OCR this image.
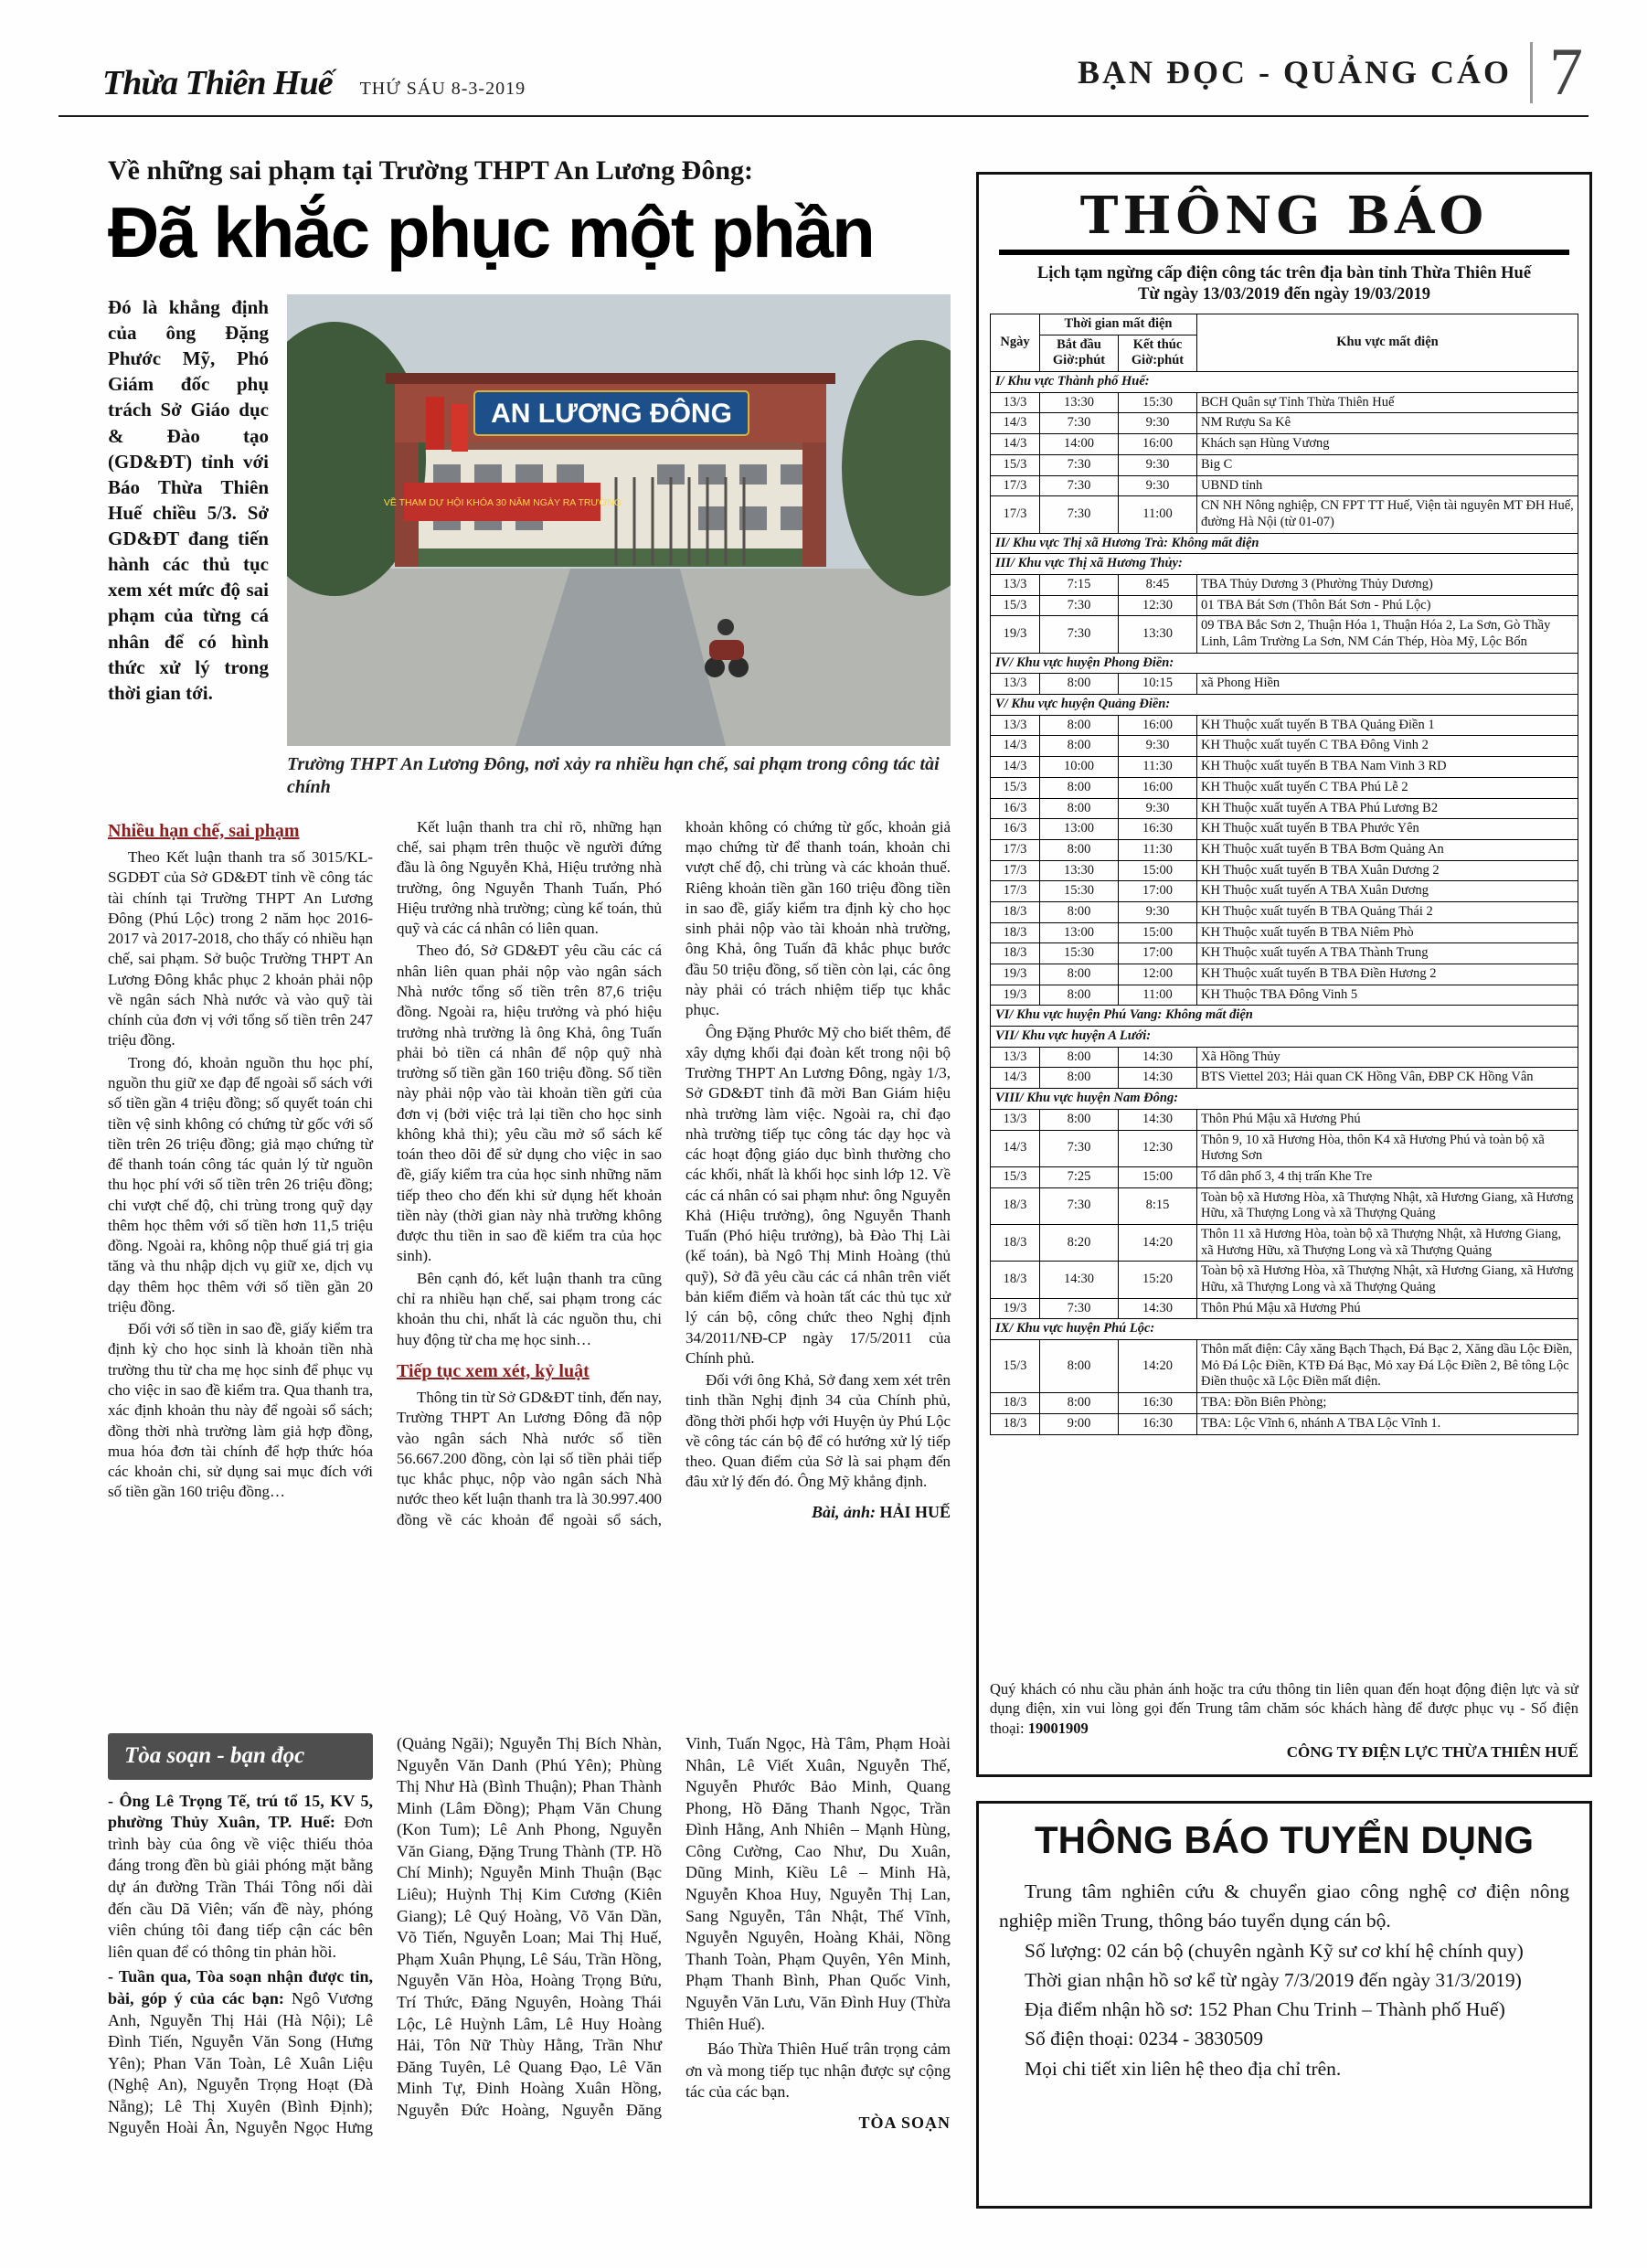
Thừa Thiên Huế THỨ SÁU 8-3-2019	BẠN ĐỌC - QUẢNG CÁO 7
Về những sai phạm tại Trường THPT An Lương Đông:
Đã khắc phục một phần
Đó là khẳng định của ông Đặng Phước Mỹ, Phó Giám đốc phụ trách Sở Giáo dục & Đào tạo (GD&ĐT) tỉnh với Báo Thừa Thiên Huế chiều 5/3. Sở GD&ĐT đang tiến hành các thủ tục xem xét mức độ sai phạm của từng cá nhân để có hình thức xử lý trong thời gian tới.
AN LƯƠNG ĐÔNG
VỀ THAM DỰ HỘI KHÓA 30 NĂM NGÀY RA TRƯỜNG
Trường THPT An Lương Đông, nơi xảy ra nhiều hạn chế, sai phạm trong công tác tài chính
Nhiều hạn chế, sai phạm

Theo Kết luận thanh tra số 3015/KL-SGDĐT của Sở GD&ĐT tỉnh về công tác tài chính tại Trường THPT An Lương Đông (Phú Lộc) trong 2 năm học 2016-2017 và 2017-2018, cho thấy có nhiều hạn chế, sai phạm. Sở buộc Trường THPT An Lương Đông khắc phục 2 khoản phải nộp về ngân sách Nhà nước và vào quỹ tài chính của đơn vị với tổng số tiền trên 247 triệu đồng.

Trong đó, khoản nguồn thu học phí, nguồn thu giữ xe đạp để ngoài sổ sách với số tiền gần 4 triệu đồng; số quyết toán chi tiền vệ sinh không có chứng từ gốc với số tiền trên 26 triệu đồng; giả mạo chứng từ để thanh toán công tác quản lý từ nguồn thu học phí với số tiền trên 26 triệu đồng; chi vượt chế độ, chi trùng trong quỹ dạy thêm học thêm với số tiền hơn 11,5 triệu đồng. Ngoài ra, không nộp thuế giá trị gia tăng và thu nhập dịch vụ giữ xe, dịch vụ dạy thêm học thêm với số tiền gần 20 triệu đồng.

Đối với số tiền in sao đề, giấy kiểm tra định kỳ cho học sinh là khoản tiền nhà trường thu từ cha mẹ học sinh để phục vụ cho việc in sao đề kiểm tra. Qua thanh tra, xác định khoản thu này để ngoài sổ sách; đồng thời nhà trường làm giả hợp đồng, mua hóa đơn tài chính để hợp thức hóa các khoản chi, sử dụng sai mục đích với số tiền gần 160 triệu đồng…

Kết luận thanh tra chỉ rõ, những hạn chế, sai phạm trên thuộc về người đứng đầu là ông Nguyễn Khả, Hiệu trưởng nhà trường, ông Nguyễn Thanh Tuấn, Phó Hiệu trưởng nhà trường; cùng kế toán, thủ quỹ và các cá nhân có liên quan.

Theo đó, Sở GD&ĐT yêu cầu các cá nhân liên quan phải nộp vào ngân sách Nhà nước tổng số tiền trên 87,6 triệu đồng. Ngoài ra, hiệu trưởng và phó hiệu trưởng nhà trường là ông Khả, ông Tuấn phải bỏ tiền cá nhân để nộp quỹ nhà trường số tiền gần 160 triệu đồng. Số tiền này phải nộp vào tài khoản tiền gửi của đơn vị (bởi việc trả lại tiền cho học sinh không khả thi); yêu cầu mở sổ sách kế toán theo dõi để sử dụng cho việc in sao đề, giấy kiểm tra của học sinh những năm tiếp theo cho đến khi sử dụng hết khoản tiền này (thời gian này nhà trường không được thu tiền in sao đề kiểm tra của học sinh).

Bên cạnh đó, kết luận thanh tra cũng chỉ ra nhiều hạn chế, sai phạm trong các khoản thu chi, nhất là các nguồn thu, chi huy động từ cha mẹ học sinh…

Tiếp tục xem xét, kỷ luật

Thông tin từ Sở GD&ĐT tỉnh, đến nay, Trường THPT An Lương Đông đã nộp vào ngân sách Nhà nước số tiền 56.667.200 đồng, còn lại số tiền phải tiếp tục khắc phục, nộp vào ngân sách Nhà nước theo kết luận thanh tra là 30.997.400 đồng về các khoản để ngoài sổ sách, khoản không có chứng từ gốc, khoản giả mạo chứng từ để thanh toán, khoản chi vượt chế độ, chi trùng và các khoản thuế. Riêng khoản tiền gần 160 triệu đồng tiền in sao đề, giấy kiểm tra định kỳ cho học sinh phải nộp vào tài khoản nhà trường, ông Khả, ông Tuấn đã khắc phục bước đầu 50 triệu đồng, số tiền còn lại, các ông này phải có trách nhiệm tiếp tục khắc phục.

Ông Đặng Phước Mỹ cho biết thêm, để xây dựng khối đại đoàn kết trong nội bộ Trường THPT An Lương Đông, ngày 1/3, Sở GD&ĐT tỉnh đã mời Ban Giám hiệu nhà trường làm việc. Ngoài ra, chỉ đạo nhà trường tiếp tục công tác dạy học và các hoạt động giáo dục bình thường cho các khối, nhất là khối học sinh lớp 12. Về các cá nhân có sai phạm như: ông Nguyễn Khả (Hiệu trưởng), ông Nguyễn Thanh Tuấn (Phó hiệu trưởng), bà Đào Thị Lài (kế toán), bà Ngô Thị Minh Hoàng (thủ quỹ), Sở đã yêu cầu các cá nhân trên viết bản kiểm điểm và hoàn tất các thủ tục xử lý cán bộ, công chức theo Nghị định 34/2011/NĐ-CP ngày 17/5/2011 của Chính phủ.

Đối với ông Khả, Sở đang xem xét trên tinh thần Nghị định 34 của Chính phủ, đồng thời phối hợp với Huyện ủy Phú Lộc về công tác cán bộ để có hướng xử lý tiếp theo. Quan điểm của Sở là sai phạm đến đâu xử lý đến đó. Ông Mỹ khẳng định.

Bài, ảnh: HẢI HUẾ
Tòa soạn - bạn đọc

- Ông Lê Trọng Tế, trú tổ 15, KV 5, phường Thủy Xuân, TP. Huế: Đơn trình bày của ông về việc thiếu thỏa đáng trong đền bù giải phóng mặt bằng dự án đường Trần Thái Tông nối dài đến cầu Dã Viên; vấn đề này, phóng viên chúng tôi đang tiếp cận các bên liên quan để có thông tin phản hồi.

- Tuần qua, Tòa soạn nhận được tin, bài, góp ý của các bạn: Ngô Vương Anh, Nguyễn Thị Hải (Hà Nội); Lê Đình Tiến, Nguyễn Văn Song (Hưng Yên); Phan Văn Toàn, Lê Xuân Liệu (Nghệ An), Nguyễn Trọng Hoạt (Đà Nẵng); Lê Thị Xuyên (Bình Định); Nguyễn Hoài Ân, Nguyễn Ngọc Hưng (Quảng Ngãi); Nguyễn Thị Bích Nhàn, Nguyễn Văn Danh (Phú Yên); Phùng Thị Như Hà (Bình Thuận); Phan Thành Minh (Lâm Đồng); Phạm Văn Chung (Kon Tum); Lê Anh Phong, Nguyễn Văn Giang, Đặng Trung Thành (TP. Hồ Chí Minh); Nguyễn Minh Thuận (Bạc Liêu); Huỳnh Thị Kim Cương (Kiên Giang); Lê Quý Hoàng, Võ Văn Dần, Võ Tiến, Nguyễn Loan; Mai Thị Huế, Phạm Xuân Phụng, Lê Sáu, Trần Hồng, Nguyễn Văn Hòa, Hoàng Trọng Bửu, Trí Thức, Đăng Nguyên, Hoàng Thái Lộc, Lê Huỳnh Lâm, Lê Huy Hoàng Hải, Tôn Nữ Thùy Hằng, Trần Như Đăng Tuyên, Lê Quang Đạo, Lê Văn Minh Tự, Đinh Hoàng Xuân Hồng, Nguyễn Đức Hoàng, Nguyễn Đăng Vinh, Tuấn Ngọc, Hà Tâm, Phạm Hoài Nhân, Lê Viết Xuân, Nguyễn Thế, Nguyễn Phước Bảo Minh, Quang Phong, Hồ Đăng Thanh Ngọc, Trần Đình Hằng, Anh Nhiên – Mạnh Hùng, Công Cường, Cao Như, Du Xuân, Dũng Minh, Kiều Lê – Minh Hà, Nguyễn Khoa Huy, Nguyễn Thị Lan, Sang Nguyễn, Tân Nhật, Thế Vĩnh, Nguyễn Nguyên, Hoàng Khải, Nồng Thanh Toàn, Phạm Quyên, Yên Minh, Phạm Thanh Bình, Phan Quốc Vinh, Nguyễn Văn Lưu, Văn Đình Huy (Thừa Thiên Huế).

Báo Thừa Thiên Huế trân trọng cảm ơn và mong tiếp tục nhận được sự cộng tác của các bạn.

TÒA SOẠN
THÔNG BÁO
Lịch tạm ngừng cấp điện công tác trên địa bàn tỉnh Thừa Thiên Huế
Từ ngày 13/03/2019 đến ngày 19/03/2019
Ngày	Thời gian mất điện		Khu vực mất điện

	Bắt đầu
Giờ:phút	Kết thúc
Giờ:phút	

I/ Khu vực Thành phố Huế:			
13/3	13:30	15:30	BCH Quân sự Tỉnh Thừa Thiên Huế
14/3	7:30	9:30	NM Rượu Sa Kê
14/3	14:00	16:00	Khách sạn Hùng Vương
15/3	7:30	9:30	Big C
17/3	7:30	9:30	UBND tỉnh
17/3	7:30	11:00	CN NH Nông nghiệp, CN FPT TT Huế, Viện tài nguyên MT ĐH Huế, đường Hà Nội (từ 01-07)
II/ Khu vực Thị xã Hương Trà: Không mất điện			
III/ Khu vực Thị xã Hương Thủy:			
13/3	7:15	8:45	TBA Thủy Dương 3 (Phường Thủy Dương)
15/3	7:30	12:30	01 TBA Bát Sơn (Thôn Bát Sơn - Phú Lộc)
19/3	7:30	13:30	09 TBA Bắc Sơn 2, Thuận Hóa 1, Thuận Hóa 2, La Sơn, Gò Thầy Linh, Lâm Trường La Sơn, NM Cán Thép, Hòa Mỹ, Lộc Bổn
IV/ Khu vực huyện Phong Điền:			
13/3	8:00	10:15	xã Phong Hiền
V/ Khu vực huyện Quảng Điền:			
13/3	8:00	16:00	KH Thuộc xuất tuyến B TBA Quảng Điền 1
14/3	8:00	9:30	KH Thuộc xuất tuyến C TBA Đông Vinh 2
14/3	10:00	11:30	KH Thuộc xuất tuyến B TBA Nam Vinh 3 RD
15/3	8:00	16:00	KH Thuộc xuất tuyến C TBA Phú Lễ 2
16/3	8:00	9:30	KH Thuộc xuất tuyến A TBA Phú Lương B2
16/3	13:00	16:30	KH Thuộc xuất tuyến B TBA Phước Yên
17/3	8:00	11:30	KH Thuộc xuất tuyến B TBA Bơm Quảng An
17/3	13:30	15:00	KH Thuộc xuất tuyến B TBA Xuân Dương 2
17/3	15:30	17:00	KH Thuộc xuất tuyến A TBA Xuân Dương
18/3	8:00	9:30	KH Thuộc xuất tuyến B TBA Quảng Thái 2
18/3	13:00	15:00	KH Thuộc xuất tuyến B TBA Niêm Phò
18/3	15:30	17:00	KH Thuộc xuất tuyến A TBA Thành Trung
19/3	8:00	12:00	KH Thuộc xuất tuyến B TBA Điền Hương 2
19/3	8:00	11:00	KH Thuộc TBA Đông Vinh 5
VI/ Khu vực huyện Phú Vang: Không mất điện			
VII/ Khu vực huyện A Lưới:			
13/3	8:00	14:30	Xã Hồng Thủy
14/3	8:00	14:30	BTS Viettel 203; Hải quan CK Hồng Vân, ĐBP CK Hồng Vân
VIII/ Khu vực huyện Nam Đông:			
13/3	8:00	14:30	Thôn Phú Mậu xã Hương Phú
14/3	7:30	12:30	Thôn 9, 10 xã Hương Hòa, thôn K4 xã Hương Phú và toàn bộ xã Hương Sơn
15/3	7:25	15:00	Tổ dân phố 3, 4 thị trấn Khe Tre
18/3	7:30	8:15	Toàn bộ xã Hương Hòa, xã Thượng Nhật, xã Hương Giang, xã Hương Hữu, xã Thượng Long và xã Thượng Quảng
18/3	8:20	14:20	Thôn 11 xã Hương Hòa, toàn bộ xã Thượng Nhật, xã Hương Giang, xã Hương Hữu, xã Thượng Long và xã Thượng Quảng
18/3	14:30	15:20	Toàn bộ xã Hương Hòa, xã Thượng Nhật, xã Hương Giang, xã Hương Hữu, xã Thượng Long và xã Thượng Quảng
19/3	7:30	14:30	Thôn Phú Mậu xã Hương Phú
IX/ Khu vực huyện Phú Lộc:			
15/3	8:00	14:20	Thôn mất điện: Cây xăng Bạch Thạch, Đá Bạc 2, Xăng dầu Lộc Điền, Mỏ Đá Lộc Điền, KTĐ Đá Bạc, Mỏ xay Đá Lộc Điền 2, Bê tông Lộc Điền thuộc xã Lộc Điền mất điện.
18/3	8:00	16:30	TBA: Đồn Biên Phòng;
18/3	9:00	16:30	TBA: Lộc Vĩnh 6, nhánh A TBA Lộc Vĩnh 1.

Quý khách có nhu cầu phản ánh hoặc tra cứu thông tin liên quan đến hoạt động điện lực và sử dụng điện, xin vui lòng gọi đến Trung tâm chăm sóc khách hàng để được phục vụ - Số điện thoại: 19001909

CÔNG TY ĐIỆN LỰC THỪA THIÊN HUẾ
THÔNG BÁO TUYỂN DỤNG

Trung tâm nghiên cứu & chuyển giao công nghệ cơ điện nông nghiệp miền Trung, thông báo tuyển dụng cán bộ.

Số lượng: 02 cán bộ (chuyên ngành Kỹ sư cơ khí hệ chính quy)

Thời gian nhận hồ sơ kể từ ngày 7/3/2019 đến ngày 31/3/2019)

Địa điểm nhận hồ sơ: 152 Phan Chu Trinh – Thành phố Huế)

Số điện thoại: 0234 - 3830509

Mọi chi tiết xin liên hệ theo địa chỉ trên.
